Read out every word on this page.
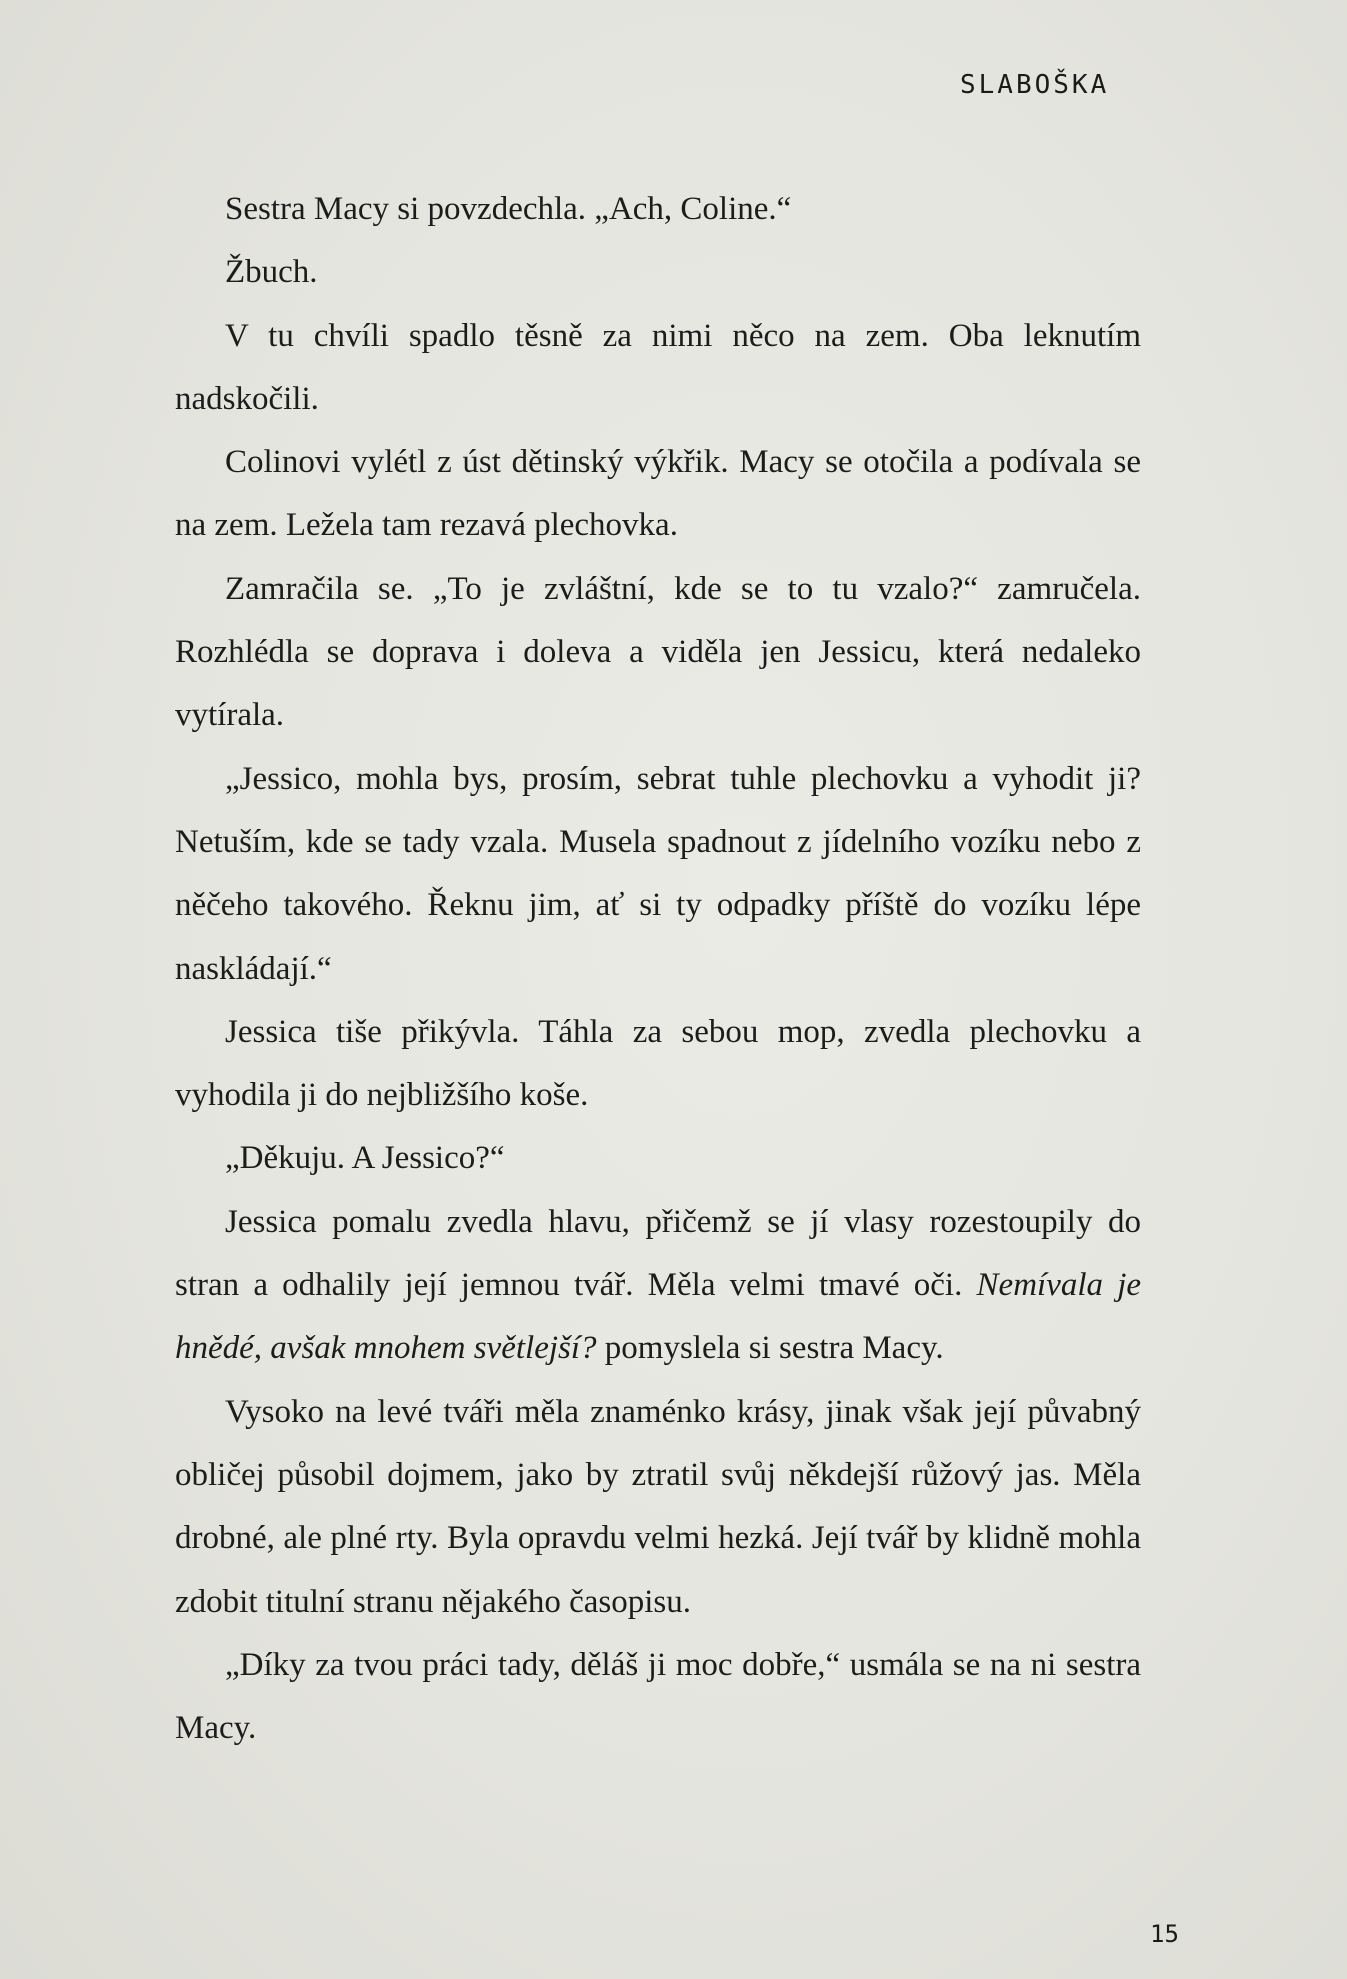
SLABOŠKA

Sestra Macy si povzdechla. „Ach, Coline.“

Žbuch.

V tu chvíli spadlo těsně za nimi něco na zem. Oba leknutím nadskočili.

Colinovi vylétl z úst dětinský výkřik. Macy se otočila a podívala se na zem. Ležela tam rezavá plechovka.

Zamračila se. „To je zvláštní, kde se to tu vzalo?“ zamručela. Rozhlédla se doprava i doleva a viděla jen Jessicu, která nedaleko vytírala.

„Jessico, mohla bys, prosím, sebrat tuhle plechovku a vyhodit ji? Netuším, kde se tady vzala. Musela spadnout z jídelního vozíku nebo z něčeho takového. Řeknu jim, ať si ty odpadky příště do vozíku lépe naskládají.“

Jessica tiše přikývla. Táhla za sebou mop, zvedla plechovku a vyhodila ji do nejbližšího koše.

„Děkuju. A Jessico?“

Jessica pomalu zvedla hlavu, přičemž se jí vlasy rozestoupily do stran a odhalily její jemnou tvář. Měla velmi tmavé oči. Nemívala je hnědé, avšak mnohem světlejší? pomyslela si sestra Macy.

Vysoko na levé tváři měla znaménko krásy, jinak však její půvabný obličej působil dojmem, jako by ztratil svůj někdejší růžový jas. Měla drobné, ale plné rty. Byla opravdu velmi hezká. Její tvář by klidně mohla zdobit titulní stranu nějakého časopisu.

„Díky za tvou práci tady, děláš ji moc dobře,“ usmála se na ni sestra Macy.

15
